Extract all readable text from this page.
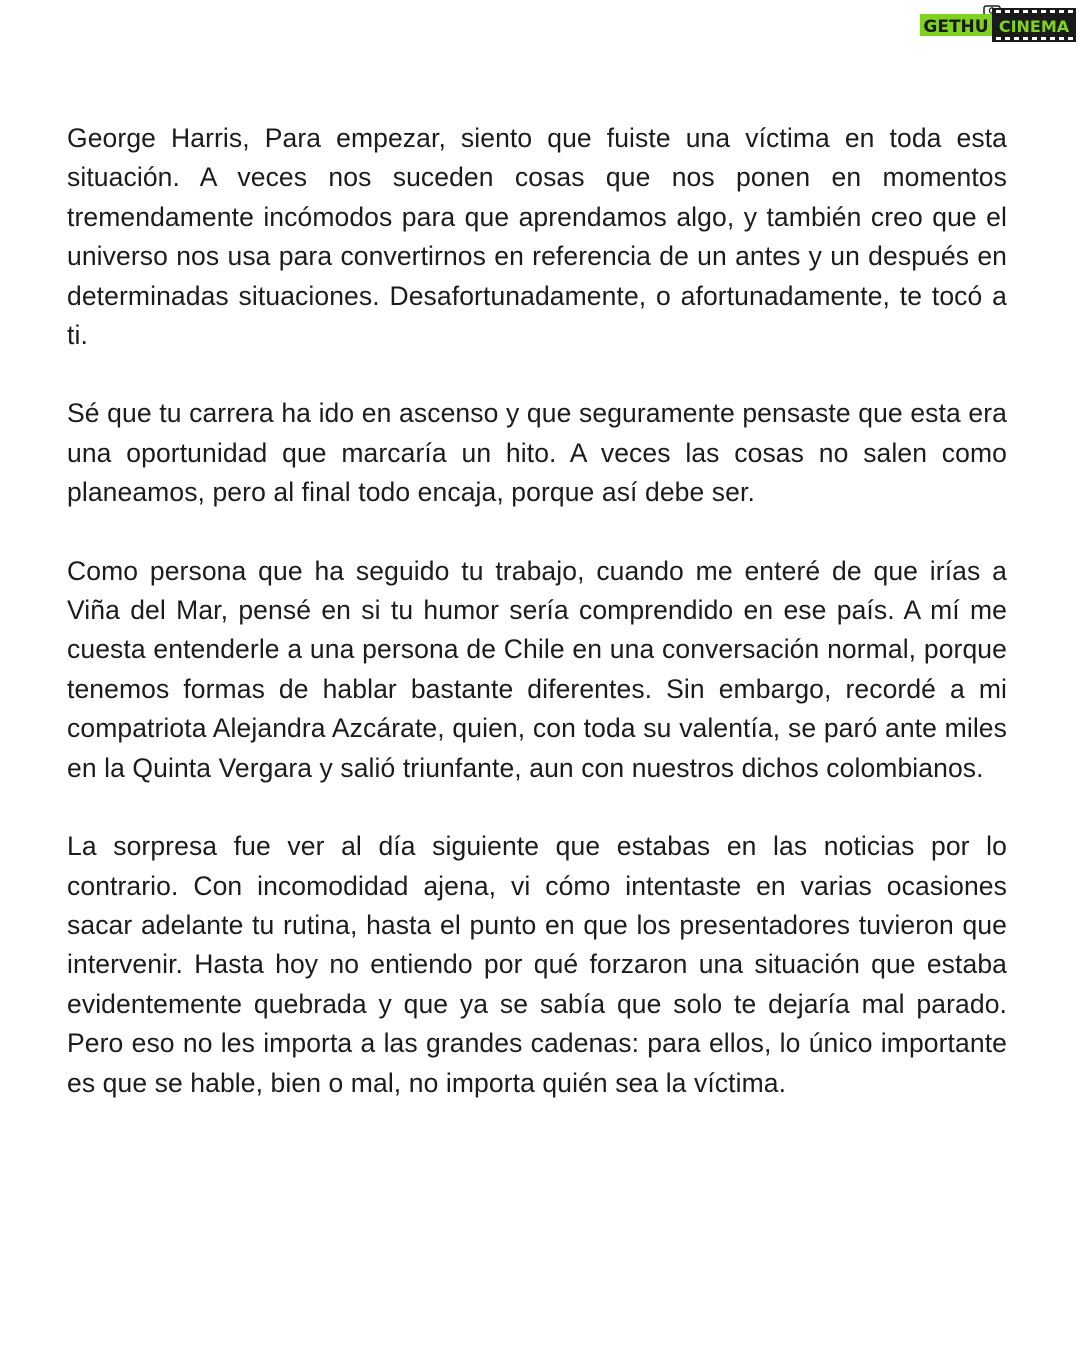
GETHU CINEMA

George Harris, Para empezar, siento que fuiste una víctima en toda esta situación. A veces nos suceden cosas que nos ponen en momentos tremendamente incómodos para que aprendamos algo, y también creo que el universo nos usa para convertirnos en referencia de un antes y un después en determinadas situaciones. Desafortunadamente, o afortunadamente, te tocó a ti.

Sé que tu carrera ha ido en ascenso y que seguramente pensaste que esta era una oportunidad que marcaría un hito. A veces las cosas no salen como planeamos, pero al final todo encaja, porque así debe ser.

Como persona que ha seguido tu trabajo, cuando me enteré de que irías a Viña del Mar, pensé en si tu humor sería comprendido en ese país. A mí me cuesta entenderle a una persona de Chile en una conversación normal, porque tenemos formas de hablar bastante diferentes. Sin embargo, recordé a mi compatriota Alejandra Azcárate, quien, con toda su valentía, se paró ante miles en la Quinta Vergara y salió triunfante, aun con nuestros dichos colombianos.

La sorpresa fue ver al día siguiente que estabas en las noticias por lo contrario. Con incomodidad ajena, vi cómo intentaste en varias ocasiones sacar adelante tu rutina, hasta el punto en que los presentadores tuvieron que intervenir. Hasta hoy no entiendo por qué forzaron una situación que estaba evidentemente quebrada y que ya se sabía que solo te dejaría mal parado. Pero eso no les importa a las grandes cadenas: para ellos, lo único importante es que se hable, bien o mal, no importa quién sea la víctima.
